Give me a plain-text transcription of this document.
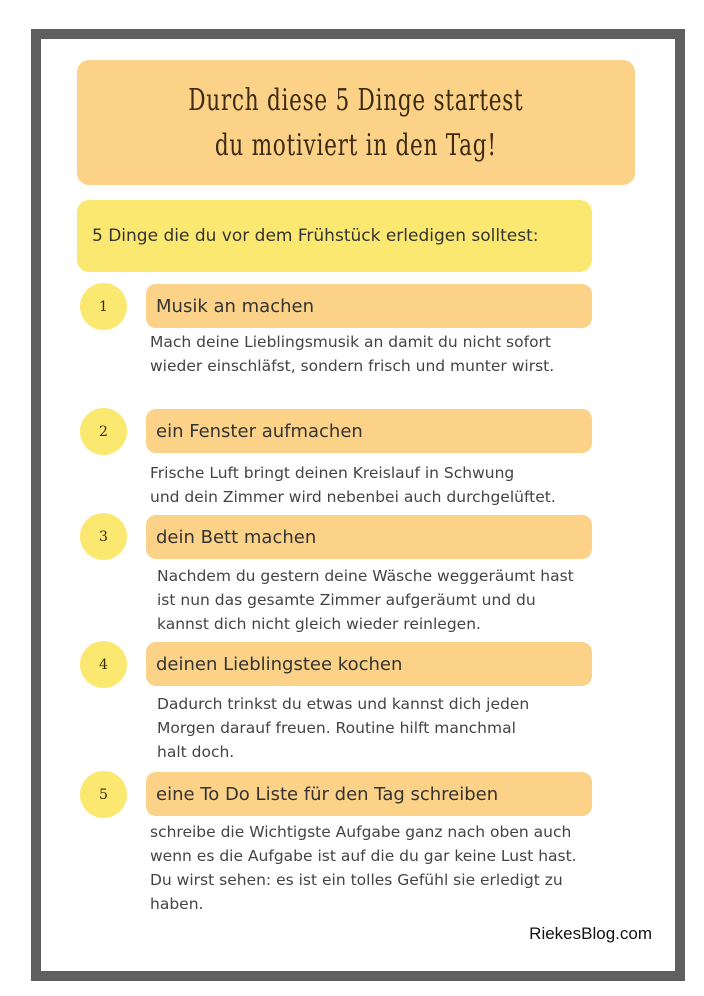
Durch diese 5 Dinge startest
du motiviert in den Tag!
5 Dinge die du vor dem Frühstück erledigen solltest:
1	Musik an machen
Mach deine Lieblingsmusik an damit du nicht sofort
wieder einschläfst, sondern frisch und munter wirst.
2	ein Fenster aufmachen
Frische Luft bringt deinen Kreislauf in Schwung
und dein Zimmer wird nebenbei auch durchgelüftet.
3	dein Bett machen
Nachdem du gestern deine Wäsche weggeräumt hast
ist nun das gesamte Zimmer aufgeräumt und du
kannst dich nicht gleich wieder reinlegen.
4	deinen Lieblingstee kochen
Dadurch trinkst du etwas und kannst dich jeden
Morgen darauf freuen. Routine hilft manchmal
halt doch.
5	eine To Do Liste für den Tag schreiben
schreibe die Wichtigste Aufgabe ganz nach oben auch
wenn es die Aufgabe ist auf die du gar keine Lust hast.
Du wirst sehen: es ist ein tolles Gefühl sie erledigt zu
haben.
RiekesBlog.com
